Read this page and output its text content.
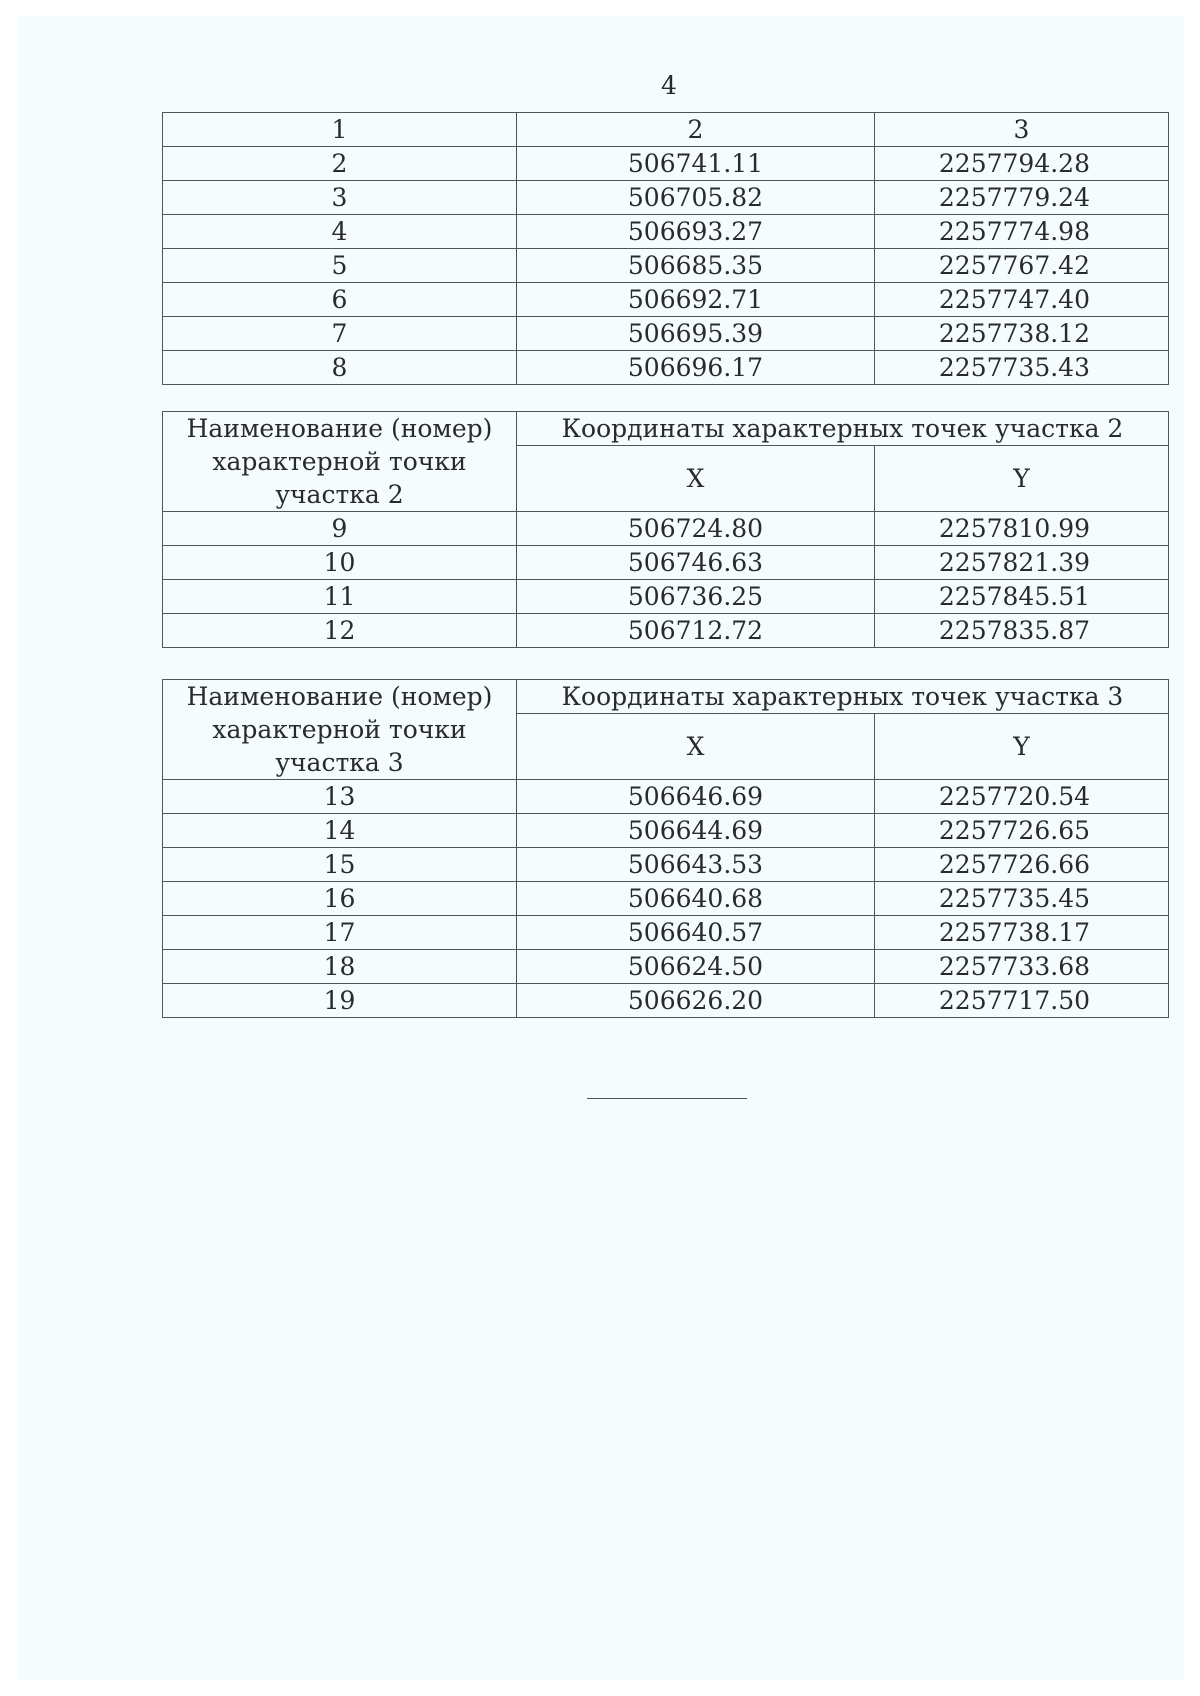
4
1	2	3
2	506741.11	2257794.28
3	506705.82	2257779.24
4	506693.27	2257774.98
5	506685.35	2257767.42
6	506692.71	2257747.40
7	506695.39	2257738.12
8	506696.17	2257735.43
Наименование (номер)
характерной точки
участка 2	Координаты характерных точек участка 2	
	X	Y
9	506724.80	2257810.99
10	506746.63	2257821.39
11	506736.25	2257845.51
12	506712.72	2257835.87
Наименование (номер)
характерной точки
участка 3	Координаты характерных точек участка 3	
	X	Y
13	506646.69	2257720.54
14	506644.69	2257726.65
15	506643.53	2257726.66
16	506640.68	2257735.45
17	506640.57	2257738.17
18	506624.50	2257733.68
19	506626.20	2257717.50
